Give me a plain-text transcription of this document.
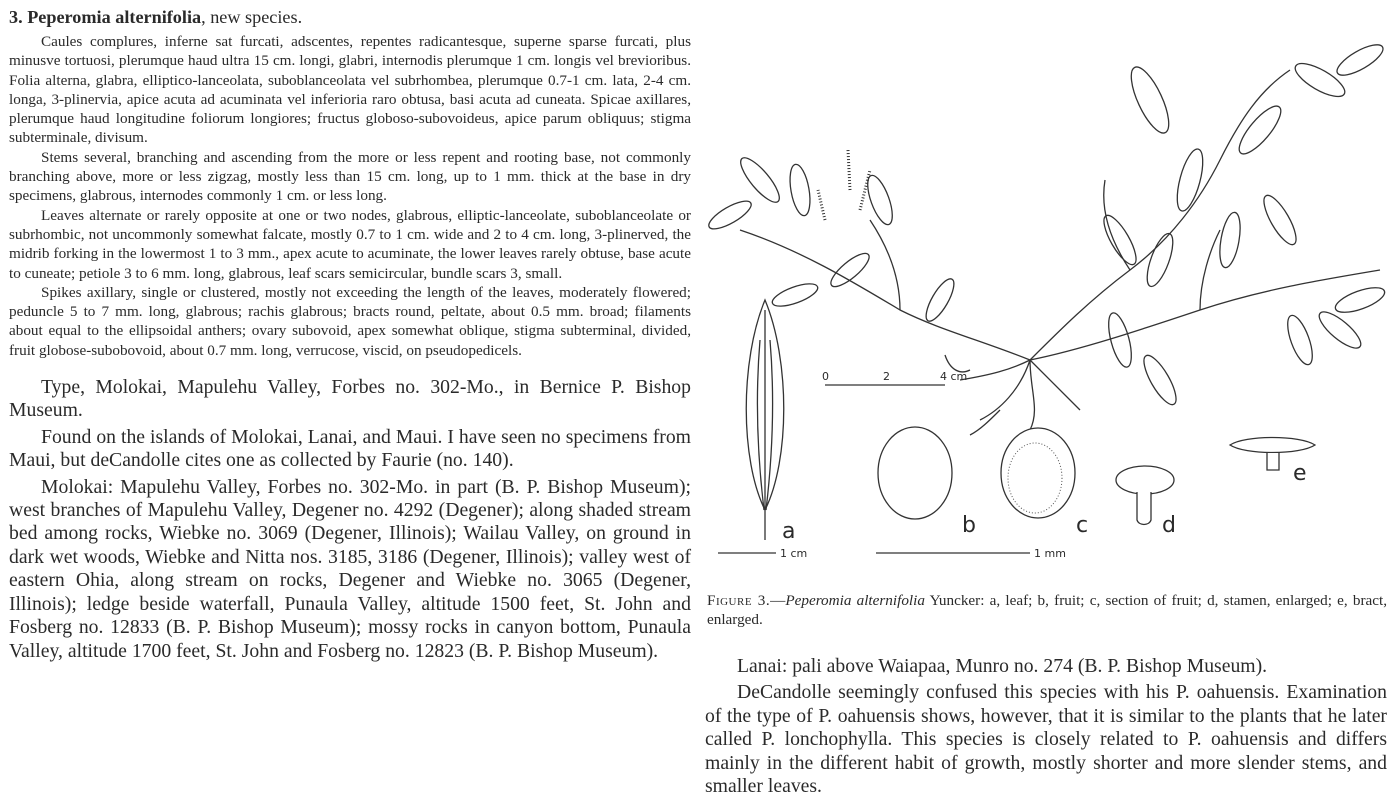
3. Peperomia alternifolia, new species.

Caules complures, inferne sat furcati, adscentes, repentes radicantesque, superne sparse furcati, plus minusve tortuosi, plerumque haud ultra 15 cm. longi, glabri, internodis plerumque 1 cm. longis vel brevioribus. Folia alterna, glabra, elliptico-lanceolata, suboblanceolata vel subrhombea, plerumque 0.7-1 cm. lata, 2-4 cm. longa, 3-plinervia, apice acuta ad acuminata vel inferioria raro obtusa, basi acuta ad cuneata. Spicae axillares, plerumque haud longitudine foliorum longiores; fructus globoso-subovoideus, apice parum obliquus; stigma subterminale, divisum.

Stems several, branching and ascending from the more or less repent and rooting base, not commonly branching above, more or less zigzag, mostly less than 15 cm. long, up to 1 mm. thick at the base in dry specimens, glabrous, internodes commonly 1 cm. or less long.

Leaves alternate or rarely opposite at one or two nodes, glabrous, elliptic-lanceolate, suboblanceolate or subrhombic, not uncommonly somewhat falcate, mostly 0.7 to 1 cm. wide and 2 to 4 cm. long, 3-plinerved, the midrib forking in the lowermost 1 to 3 mm., apex acute to acuminate, the lower leaves rarely obtuse, base acute to cuneate; petiole 3 to 6 mm. long, glabrous, leaf scars semicircular, bundle scars 3, small.

Spikes axillary, single or clustered, mostly not exceeding the length of the leaves, moderately flowered; peduncle 5 to 7 mm. long, glabrous; rachis glabrous; bracts round, peltate, about 0.5 mm. broad; filaments about equal to the ellipsoidal anthers; ovary subovoid, apex somewhat oblique, stigma subterminal, divided, fruit globose-subobovoid, about 0.7 mm. long, verrucose, viscid, on pseudopedicels.

Type, Molokai, Mapulehu Valley, Forbes no. 302-Mo., in Bernice P. Bishop Museum.

Found on the islands of Molokai, Lanai, and Maui. I have seen no specimens from Maui, but deCandolle cites one as collected by Faurie (no. 140).

Molokai: Mapulehu Valley, Forbes no. 302-Mo. in part (B. P. Bishop Museum); west branches of Mapulehu Valley, Degener no. 4292 (Degener); along shaded stream bed among rocks, Wiebke no. 3069 (Degener, Illinois); Wailau Valley, on ground in dark wet woods, Wiebke and Nitta nos. 3185, 3186 (Degener, Illinois); valley west of eastern Ohia, along stream on rocks, Degener and Wiebke no. 3065 (Degener, Illinois); ledge beside waterfall, Punaula Valley, altitude 1500 feet, St. John and Fosberg no. 12833 (B. P. Bishop Museum); mossy rocks in canyon bottom, Punaula Valley, altitude 1700 feet, St. John and Fosberg no. 12823 (B. P. Bishop Museum).

0	2	4 cm
a
1 cm
b	c	d
e
1 mm
Figure 3.—Peperomia alternifolia Yuncker: a, leaf; b, fruit; c, section of fruit; d, stamen, enlarged; e, bract, enlarged.

Lanai: pali above Waiapaa, Munro no. 274 (B. P. Bishop Museum).

DeCandolle seemingly confused this species with his P. oahuensis. Examination of the type of P. oahuensis shows, however, that it is similar to the plants that he later called P. lonchophylla. This species is closely related to P. oahuensis and differs mainly in the different habit of growth, mostly shorter and more slender stems, and smaller leaves.
